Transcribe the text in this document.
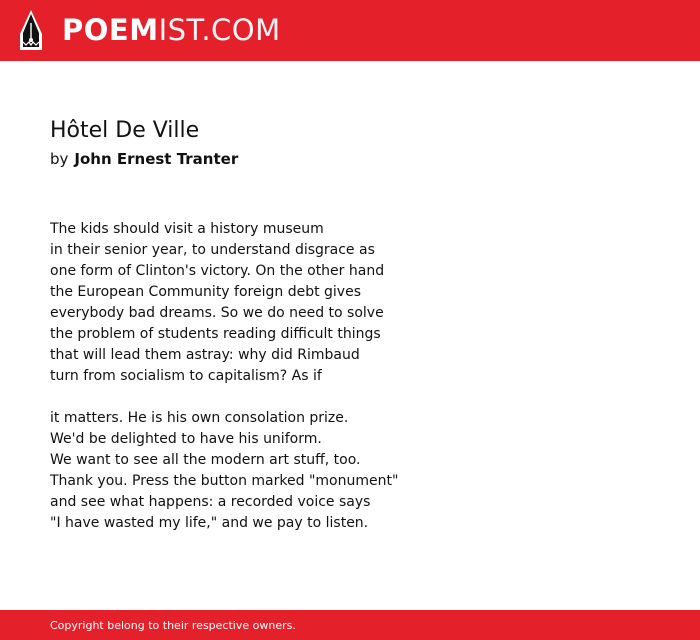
POEMIST.COM
Hôtel De Ville
by John Ernest Tranter

The kids should visit a history museum
in their senior year, to understand disgrace as
one form of Clinton's victory. On the other hand
the European Community foreign debt gives
everybody bad dreams. So we do need to solve
the problem of students reading difficult things
that will lead them astray: why did Rimbaud
turn from socialism to capitalism? As if

it matters. He is his own consolation prize.
We'd be delighted to have his uniform.
We want to see all the modern art stuff, too.
Thank you. Press the button marked "monument"
and see what happens: a recorded voice says
"I have wasted my life," and we pay to listen.

Copyright belong to their respective owners.
